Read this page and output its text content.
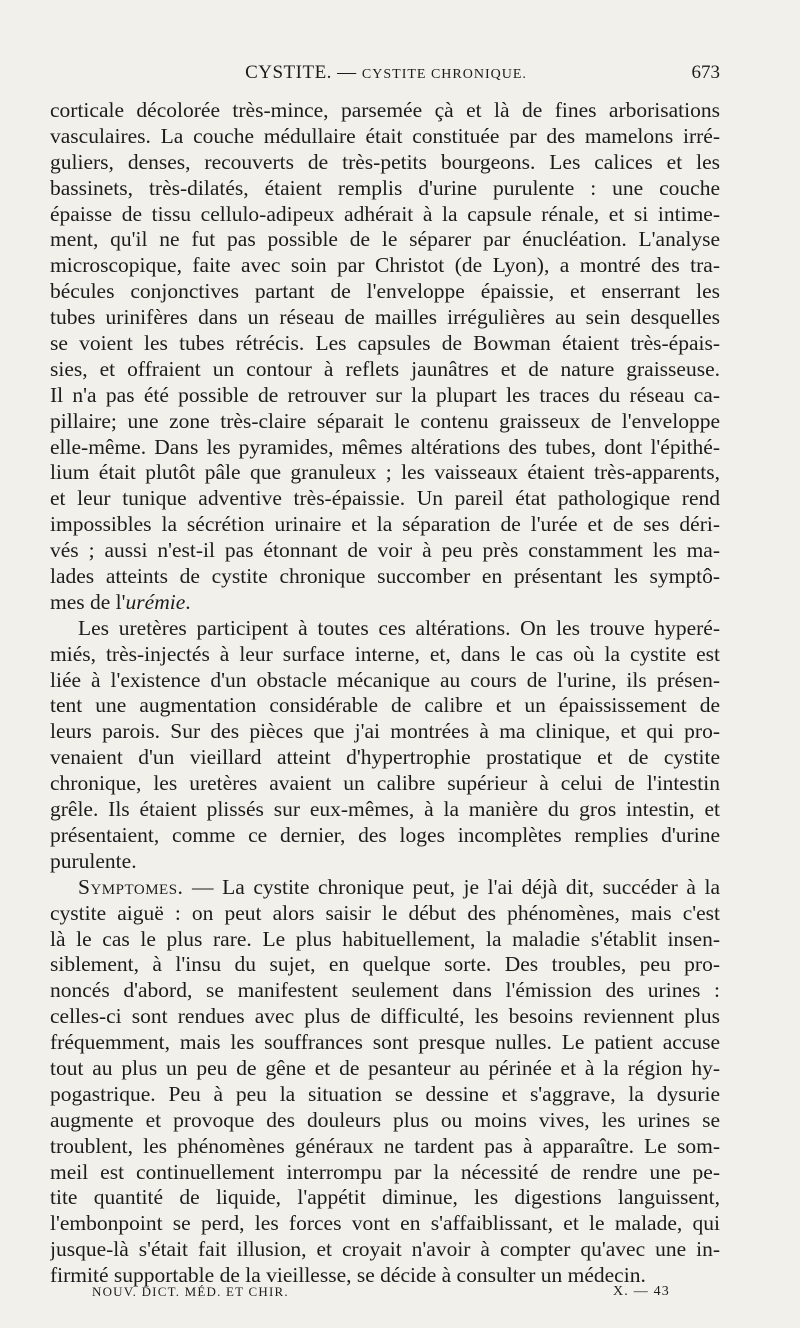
CYSTITE. — CYSTITE CHRONIQUE.	673
corticale décolorée très-mince, parsemée çà et là de fines arborisations
vasculaires. La couche médullaire était constituée par des mamelons irré-
guliers, denses, recouverts de très-petits bourgeons. Les calices et les
bassinets, très-dilatés, étaient remplis d'urine purulente : une couche
épaisse de tissu cellulo-adipeux adhérait à la capsule rénale, et si intime-
ment, qu'il ne fut pas possible de le séparer par énucléation. L'analyse
microscopique, faite avec soin par Christot (de Lyon), a montré des tra-
bécules conjonctives partant de l'enveloppe épaissie, et enserrant les
tubes urinifères dans un réseau de mailles irrégulières au sein desquelles
se voient les tubes rétrécis. Les capsules de Bowman étaient très-épais-
sies, et offraient un contour à reflets jaunâtres et de nature graisseuse.
Il n'a pas été possible de retrouver sur la plupart les traces du réseau ca-
pillaire; une zone très-claire séparait le contenu graisseux de l'enveloppe
elle-même. Dans les pyramides, mêmes altérations des tubes, dont l'épithé-
lium était plutôt pâle que granuleux ; les vaisseaux étaient très-apparents,
et leur tunique adventive très-épaissie. Un pareil état pathologique rend
impossibles la sécrétion urinaire et la séparation de l'urée et de ses déri-
vés ; aussi n'est-il pas étonnant de voir à peu près constamment les ma-
lades atteints de cystite chronique succomber en présentant les symptô-
mes de l'urémie.
Les uretères participent à toutes ces altérations. On les trouve hyperé-
miés, très-injectés à leur surface interne, et, dans le cas où la cystite est
liée à l'existence d'un obstacle mécanique au cours de l'urine, ils présen-
tent une augmentation considérable de calibre et un épaississement de
leurs parois. Sur des pièces que j'ai montrées à ma clinique, et qui pro-
venaient d'un vieillard atteint d'hypertrophie prostatique et de cystite
chronique, les uretères avaient un calibre supérieur à celui de l'intestin
grêle. Ils étaient plissés sur eux-mêmes, à la manière du gros intestin, et
présentaient, comme ce dernier, des loges incomplètes remplies d'urine
purulente.
Symptomes. — La cystite chronique peut, je l'ai déjà dit, succéder à la
cystite aiguë : on peut alors saisir le début des phénomènes, mais c'est
là le cas le plus rare. Le plus habituellement, la maladie s'établit insen-
siblement, à l'insu du sujet, en quelque sorte. Des troubles, peu pro-
noncés d'abord, se manifestent seulement dans l'émission des urines :
celles-ci sont rendues avec plus de difficulté, les besoins reviennent plus
fréquemment, mais les souffrances sont presque nulles. Le patient accuse
tout au plus un peu de gêne et de pesanteur au périnée et à la région hy-
pogastrique. Peu à peu la situation se dessine et s'aggrave, la dysurie
augmente et provoque des douleurs plus ou moins vives, les urines se
troublent, les phénomènes généraux ne tardent pas à apparaître. Le som-
meil est continuellement interrompu par la nécessité de rendre une pe-
tite quantité de liquide, l'appétit diminue, les digestions languissent,
l'embonpoint se perd, les forces vont en s'affaiblissant, et le malade, qui
jusque-là s'était fait illusion, et croyait n'avoir à compter qu'avec une in-
firmité supportable de la vieillesse, se décide à consulter un médecin.
NOUV. DICT. MÉD. ET CHIR.	X. — 43
